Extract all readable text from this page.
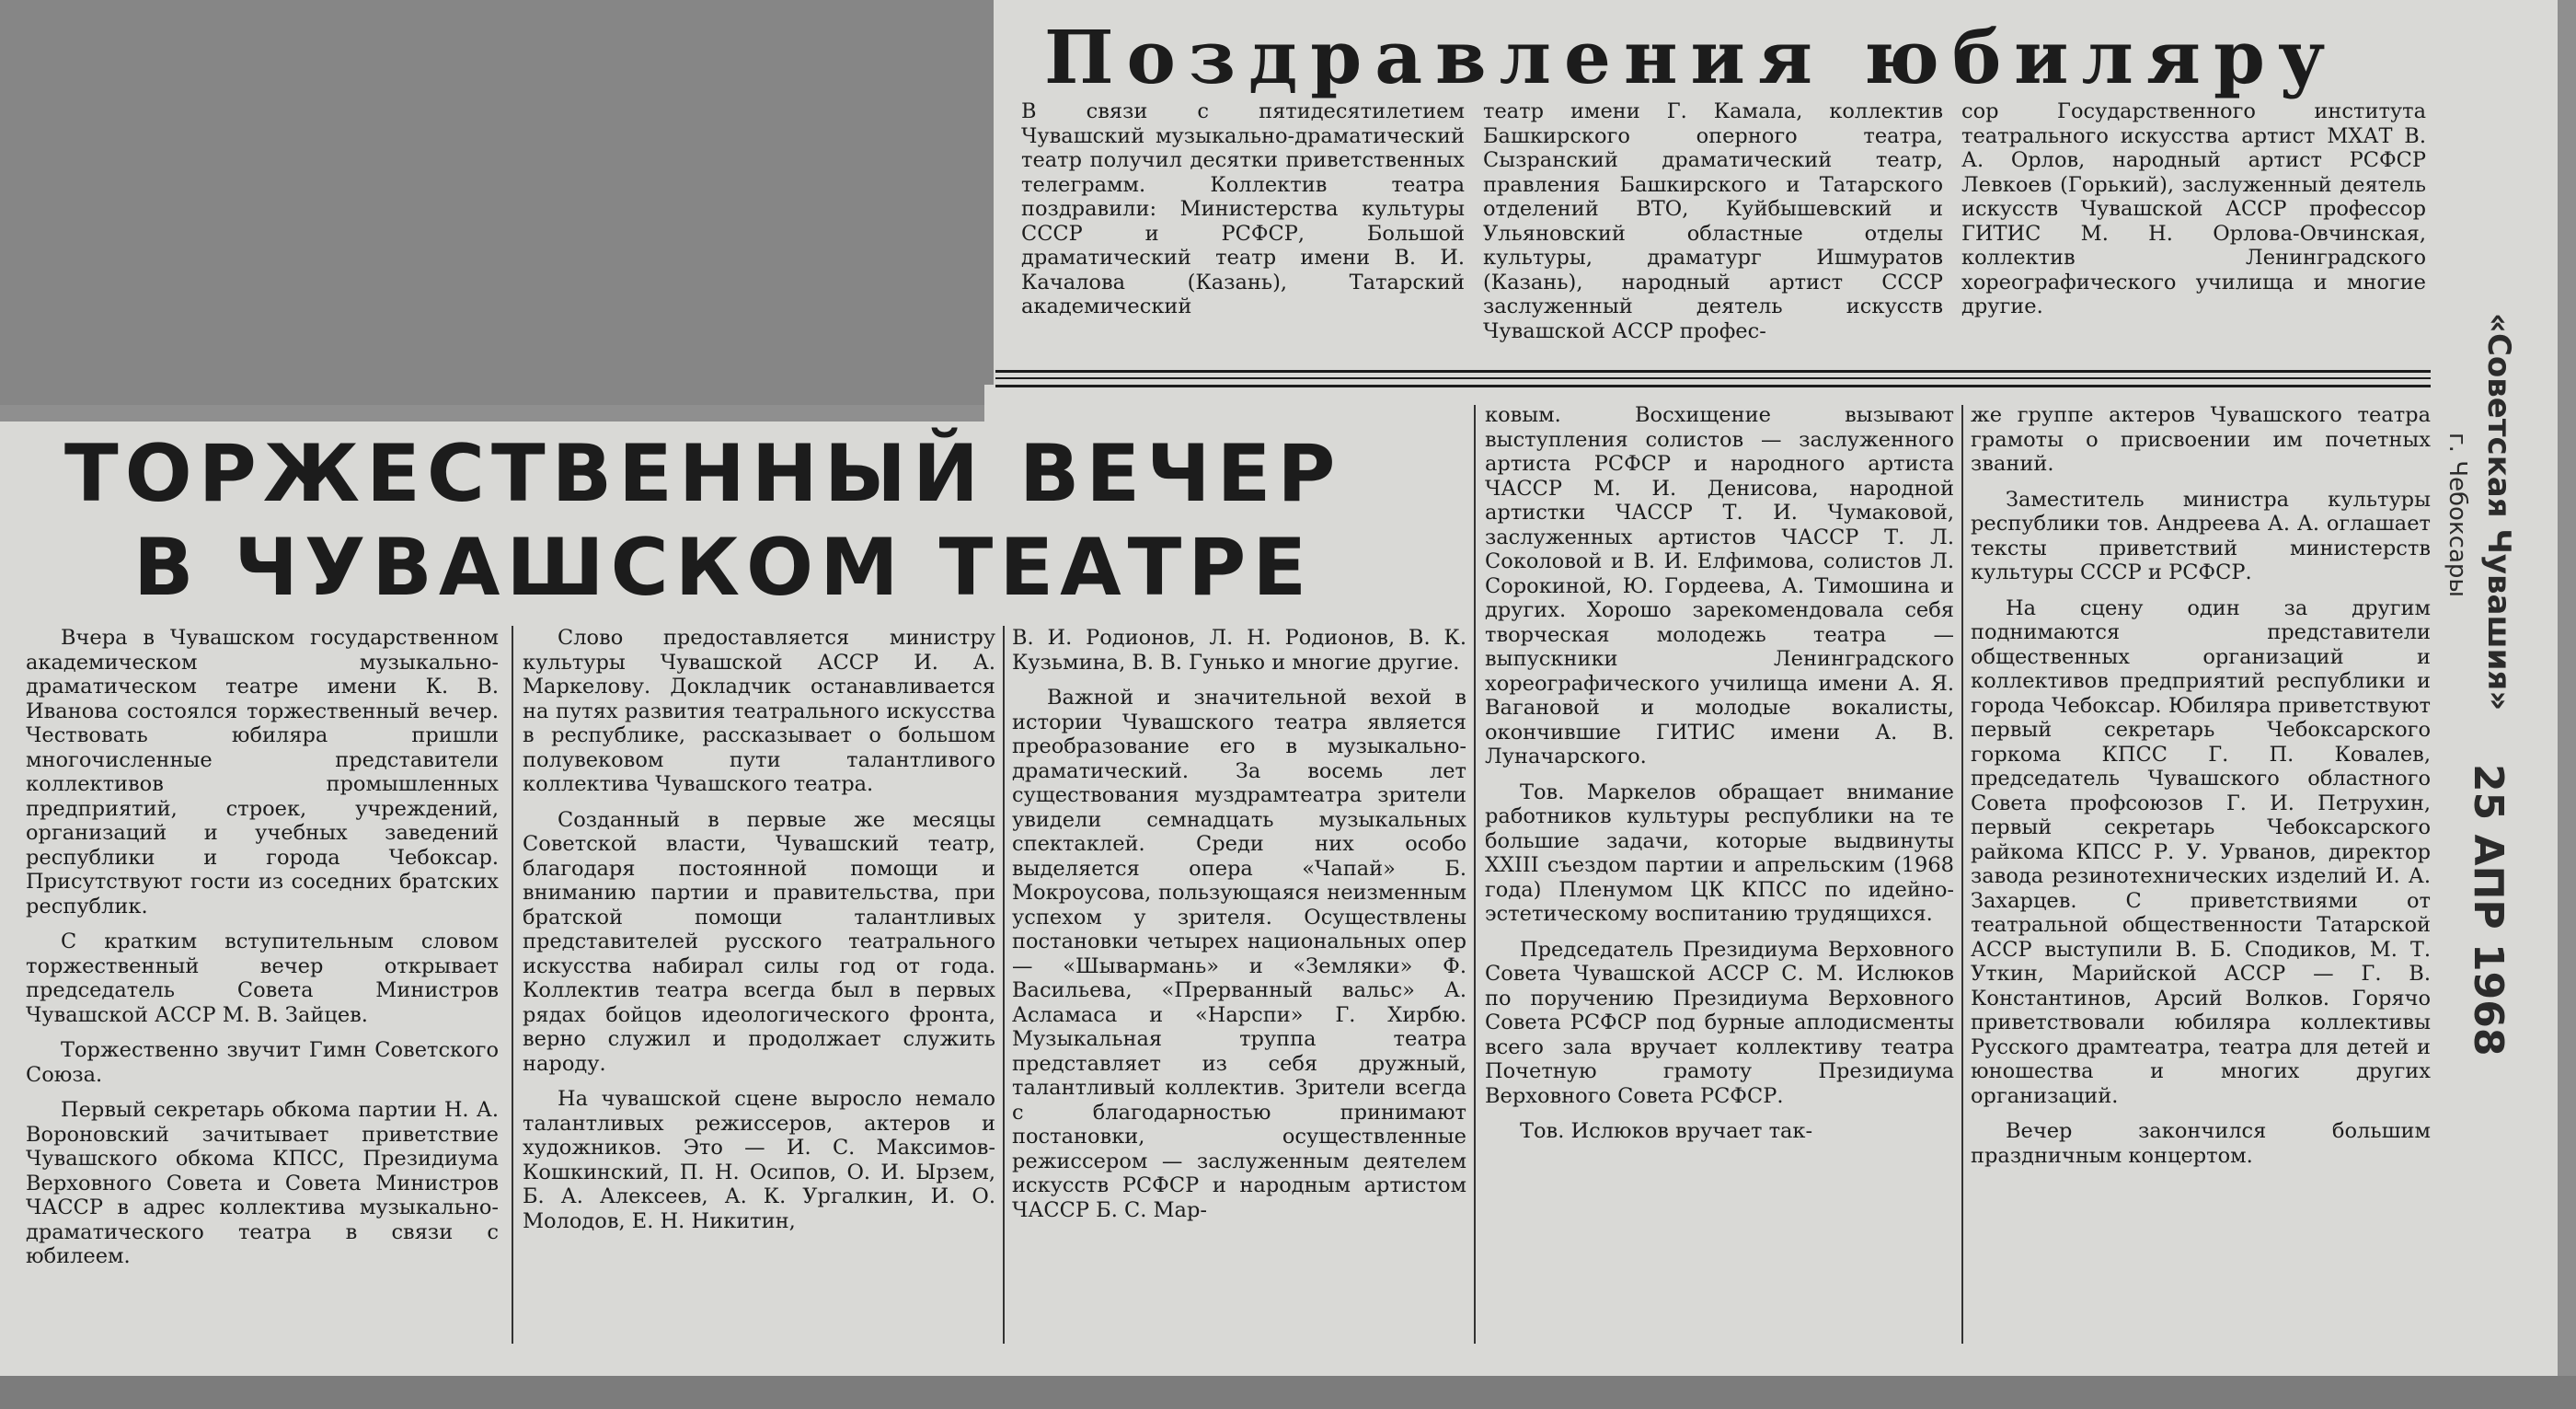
Поздравления юбиляру

В связи с пятидесятилетием Чувашский музыкально-драматический театр получил десятки приветственных телеграмм. Коллектив театра поздравили: Министерства культуры СССР и РСФСР, Большой драматический театр имени В. И. Качалова (Казань), Татарский академический

театр имени Г. Камала, коллектив Башкирского оперного театра, Сызранский драматический театр, правления Башкирского и Татарского отделений ВТО, Куйбышевский и Ульяновский областные отделы культуры, драматург Ишмуратов (Казань), народный артист СССР заслуженный деятель искусств Чувашской АССР профес-

сор Государственного института театрального искусства артист МХАТ В. А. Орлов, народный артист РСФСР Левкоев (Горький), заслуженный деятель искусств Чувашской АССР профессор ГИТИС М. Н. Орлова-Овчинская, коллектив Ленинградского хореографического училища и многие другие.

ТОРЖЕСТВЕННЫЙ ВЕЧЕР
В ЧУВАШСКОМ ТЕАТРЕ

Вчера в Чувашском государственном академическом музыкально-драматическом театре имени К. В. Иванова состоялся торжественный вечер. Чествовать юбиляра пришли многочисленные представители коллективов промышленных предприятий, строек, учреждений, организаций и учебных заведений республики и города Чебоксар. Присутствуют гости из соседних братских республик.

С кратким вступительным словом торжественный вечер открывает председатель Совета Министров Чувашской АССР М. В. Зайцев.

Торжественно звучит Гимн Советского Союза.

Первый секретарь обкома партии Н. А. Вороновский зачитывает приветствие Чувашского обкома КПСС, Президиума Верховного Совета и Совета Министров ЧАССР в адрес коллектива музыкально-драматического театра в связи с юбилеем.

Слово предоставляется министру культуры Чувашской АССР И. А. Маркелову. Докладчик останавливается на путях развития театрального искусства в республике, рассказывает о большом полувековом пути талантливого коллектива Чувашского театра.

Созданный в первые же месяцы Советской власти, Чувашский театр, благодаря постоянной помощи и вниманию партии и правительства, при братской помощи талантливых представителей русского театрального искусства набирал силы год от года. Коллектив театра всегда был в первых рядах бойцов идеологического фронта, верно служил и продолжает служить народу.

На чувашской сцене выросло немало талантливых режиссеров, актеров и художников. Это — И. С. Максимов-Кошкинский, П. Н. Осипов, О. И. Ырзем, Б. А. Алексеев, А. К. Ургалкин, И. О. Молодов, Е. Н. Никитин,

В. И. Родионов, Л. Н. Родионов, В. К. Кузьмина, В. В. Гунько и многие другие.

Важной и значительной вехой в истории Чувашского театра является преобразование его в музыкально-драматический. За восемь лет существования муздрамтеатра зрители увидели семнадцать музыкальных спектаклей. Среди них особо выделяется опера «Чапай» Б. Мокроусова, пользующаяся неизменным успехом у зрителя. Осуществлены постановки четырех национальных опер — «Шывармань» и «Земляки» Ф. Васильева, «Прерванный вальс» А. Асламаса и «Нарспи» Г. Хирбю. Музыкальная труппа театра представляет из себя дружный, талантливый коллектив. Зрители всегда с благодарностью принимают постановки, осуществленные режиссером — заслуженным деятелем искусств РСФСР и народным артистом ЧАССР Б. С. Мар-

ковым. Восхищение вызывают выступления солистов — заслуженного артиста РСФСР и народного артиста ЧАССР М. И. Денисова, народной артистки ЧАССР Т. И. Чумаковой, заслуженных артистов ЧАССР Т. Л. Соколовой и В. И. Елфимова, солистов Л. Сорокиной, Ю. Гордеева, А. Тимошина и других. Хорошо зарекомендовала себя творческая молодежь театра — выпускники Ленинградского хореографического училища имени А. Я. Вагановой и молодые вокалисты, окончившие ГИТИС имени А. В. Луначарского.

Тов. Маркелов обращает внимание работников культуры республики на те большие задачи, которые выдвинуты XXIII съездом партии и апрельским (1968 года) Пленумом ЦК КПСС по идейно-эстетическому воспитанию трудящихся.

Председатель Президиума Верховного Совета Чувашской АССР С. М. Ислюков по поручению Президиума Верховного Совета РСФСР под бурные аплодисменты всего зала вручает коллективу театра Почетную грамоту Президиума Верховного Совета РСФСР.

Тов. Ислюков вручает так-

же группе актеров Чувашского театра грамоты о присвоении им почетных званий.

Заместитель министра культуры республики тов. Андреева А. А. оглашает тексты приветствий министерств культуры СССР и РСФСР.

На сцену один за другим поднимаются представители общественных организаций и коллективов предприятий республики и города Чебоксар. Юбиляра приветствуют первый секретарь Чебоксарского горкома КПСС Г. П. Ковалев, председатель Чувашского областного Совета профсоюзов Г. И. Петрухин, первый секретарь Чебоксарского райкома КПСС Р. У. Урванов, директор завода резинотехнических изделий И. А. Захарцев. С приветствиями от театральной общественности Татарской АССР выступили В. Б. Сподиков, М. Т. Уткин, Марийской АССР — Г. В. Константинов, Арсий Волков. Горячо приветствовали юбиляра коллективы Русского драмтеатра, театра для детей и юношества и многих других организаций.

Вечер закончился большим праздничным концертом.

«Советская Чувашия»
г. Чебоксары
25 АПР 1968
